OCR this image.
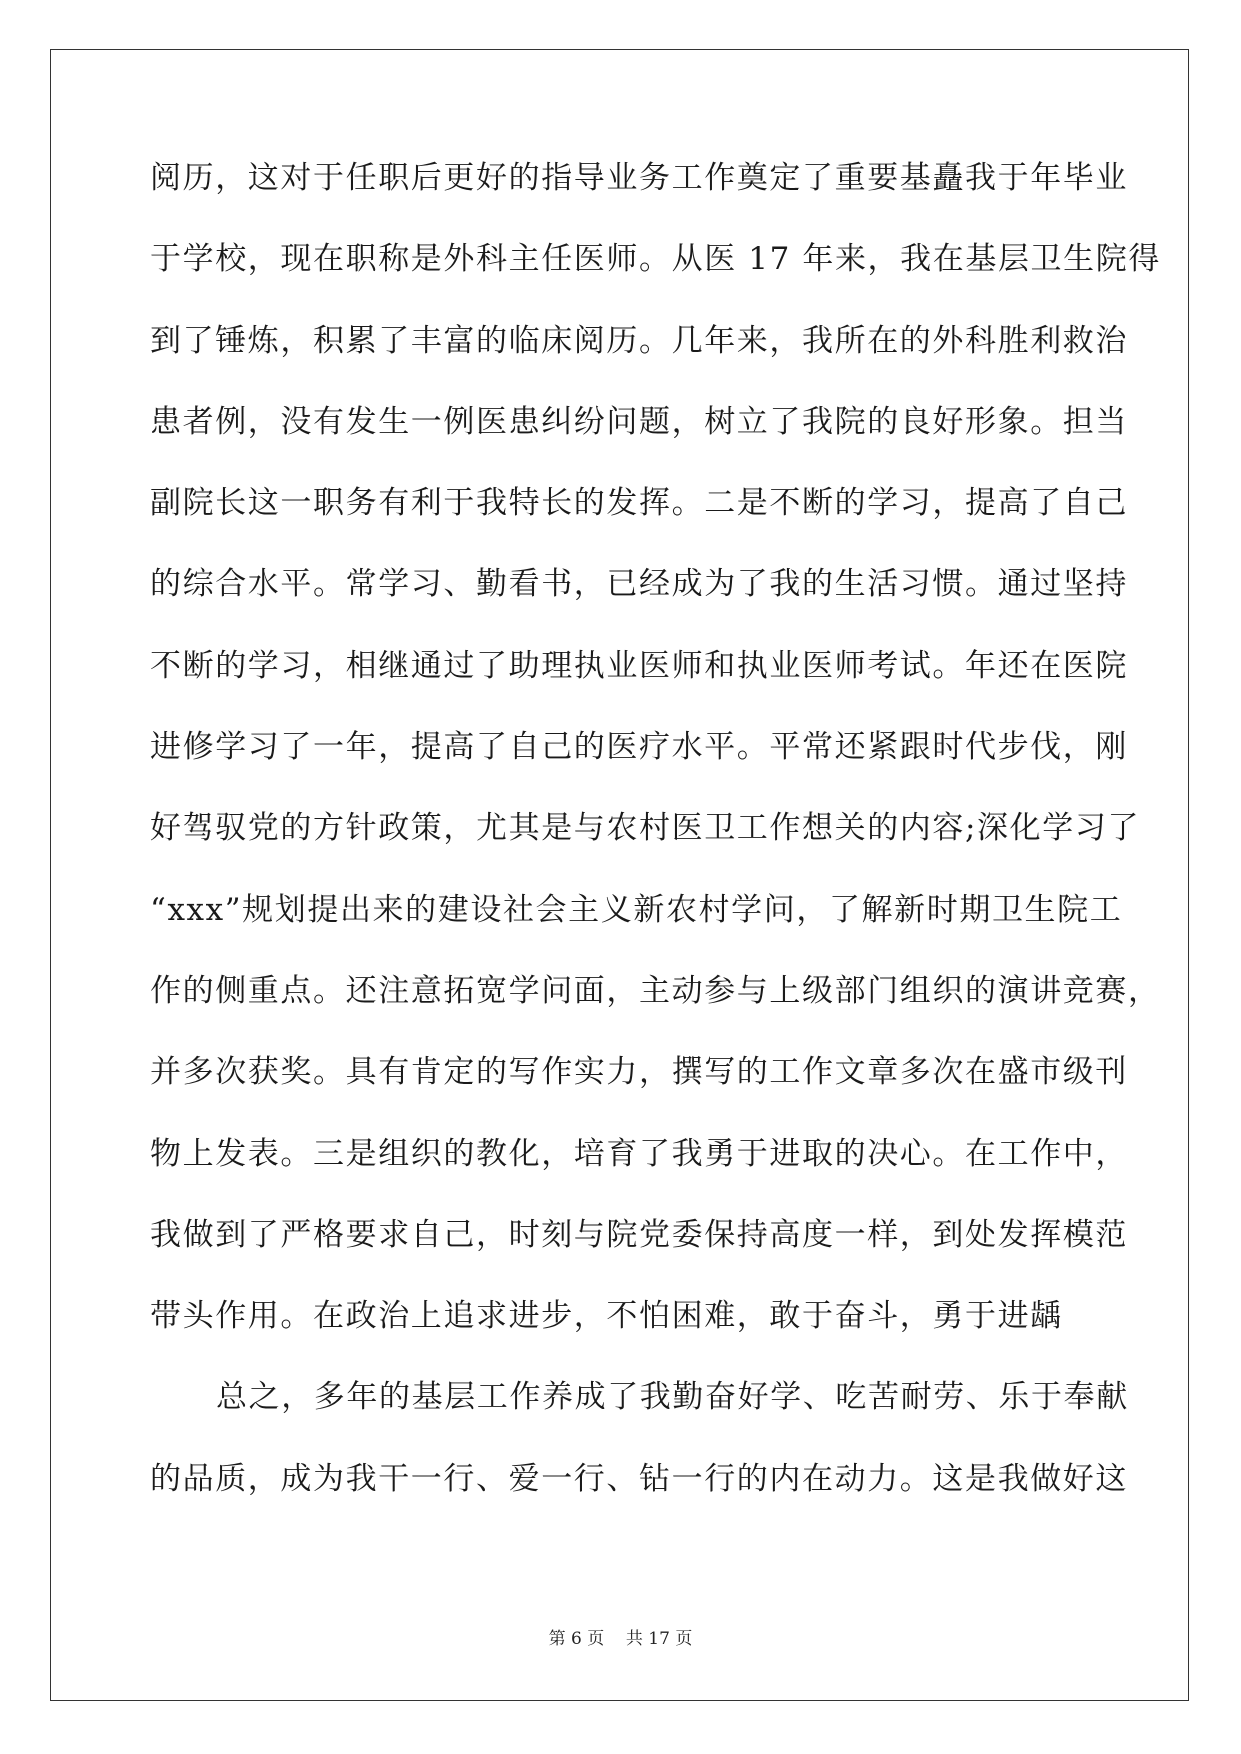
阅历，这对于任职后更好的指导业务工作奠定了重要基矗我于年毕业
于学校，现在职称是外科主任医师。从医 17 年来，我在基层卫生院得
到了锤炼，积累了丰富的临床阅历。几年来，我所在的外科胜利救治
患者例，没有发生一例医患纠纷问题，树立了我院的良好形象。担当
副院长这一职务有利于我特长的发挥。二是不断的学习，提高了自己
的综合水平。常学习、勤看书，已经成为了我的生活习惯。通过坚持
不断的学习，相继通过了助理执业医师和执业医师考试。年还在医院
进修学习了一年，提高了自己的医疗水平。平常还紧跟时代步伐，刚
好驾驭党的方针政策，尤其是与农村医卫工作想关的内容;深化学习了
“xxx”规划提出来的建设社会主义新农村学问，了解新时期卫生院工
作的侧重点。还注意拓宽学问面，主动参与上级部门组织的演讲竞赛，
并多次获奖。具有肯定的写作实力，撰写的工作文章多次在盛市级刊
物上发表。三是组织的教化，培育了我勇于进取的决心。在工作中，
我做到了严格要求自己，时刻与院党委保持高度一样，到处发挥模范
带头作用。在政治上追求进步，不怕困难，敢于奋斗，勇于进龋
总之，多年的基层工作养成了我勤奋好学、吃苦耐劳、乐于奉献
的品质，成为我干一行、爱一行、钻一行的内在动力。这是我做好这
第 6 页    共 17 页
